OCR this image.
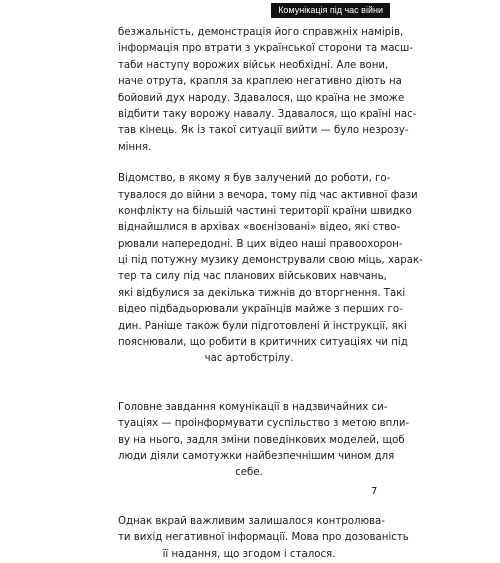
Комунікація під час війни
безжальність, демонстрація його справжніх намірів,
інформація про втрати з української сторони та масш-
таби наступу ворожих військ необхідні. Але вони,
наче отрута, крапля за краплею негативно діють на
бойовий дух народу. Здавалося, що країна не зможе
відбити таку ворожу навалу. Здавалося, що країні нас-
тав кінець. Як із такої ситуації вийти — було незрозу-
міння.
Відомство, в якому я був залучений до роботи, го-
тувалося до війни з вечора, тому під час активної фази
конфлікту на більшій частині території країни швидко
віднайшлися в архівах «воєнізовані» відео, які ство-
рювали напередодні. В цих відео наші правоохорон-
ці під потужну музику демонстрували свою міць, харак-
тер та силу під час планових військових навчань,
які відбулися за декілька тижнів до вторгнення. Такі
відео підбадьорювали українців майже з перших го-
дин. Раніше також були підготовлені й інструкції, які
пояснювали, що робити в критичних ситуаціях чи під
час артобстрілу.
Головне завдання комунікації в надзвичайних си-
туаціях — проінформувати суспільство з метою впли-
ву на нього, задля зміни поведінкових моделей, щоб
люди діяли самотужки найбезпечнішим чином для
себе.
Однак вкрай важливим залишалося контролюва-
ти вихід негативної інформації. Мова про дозованість
її надання, що згодом і сталося.
7
